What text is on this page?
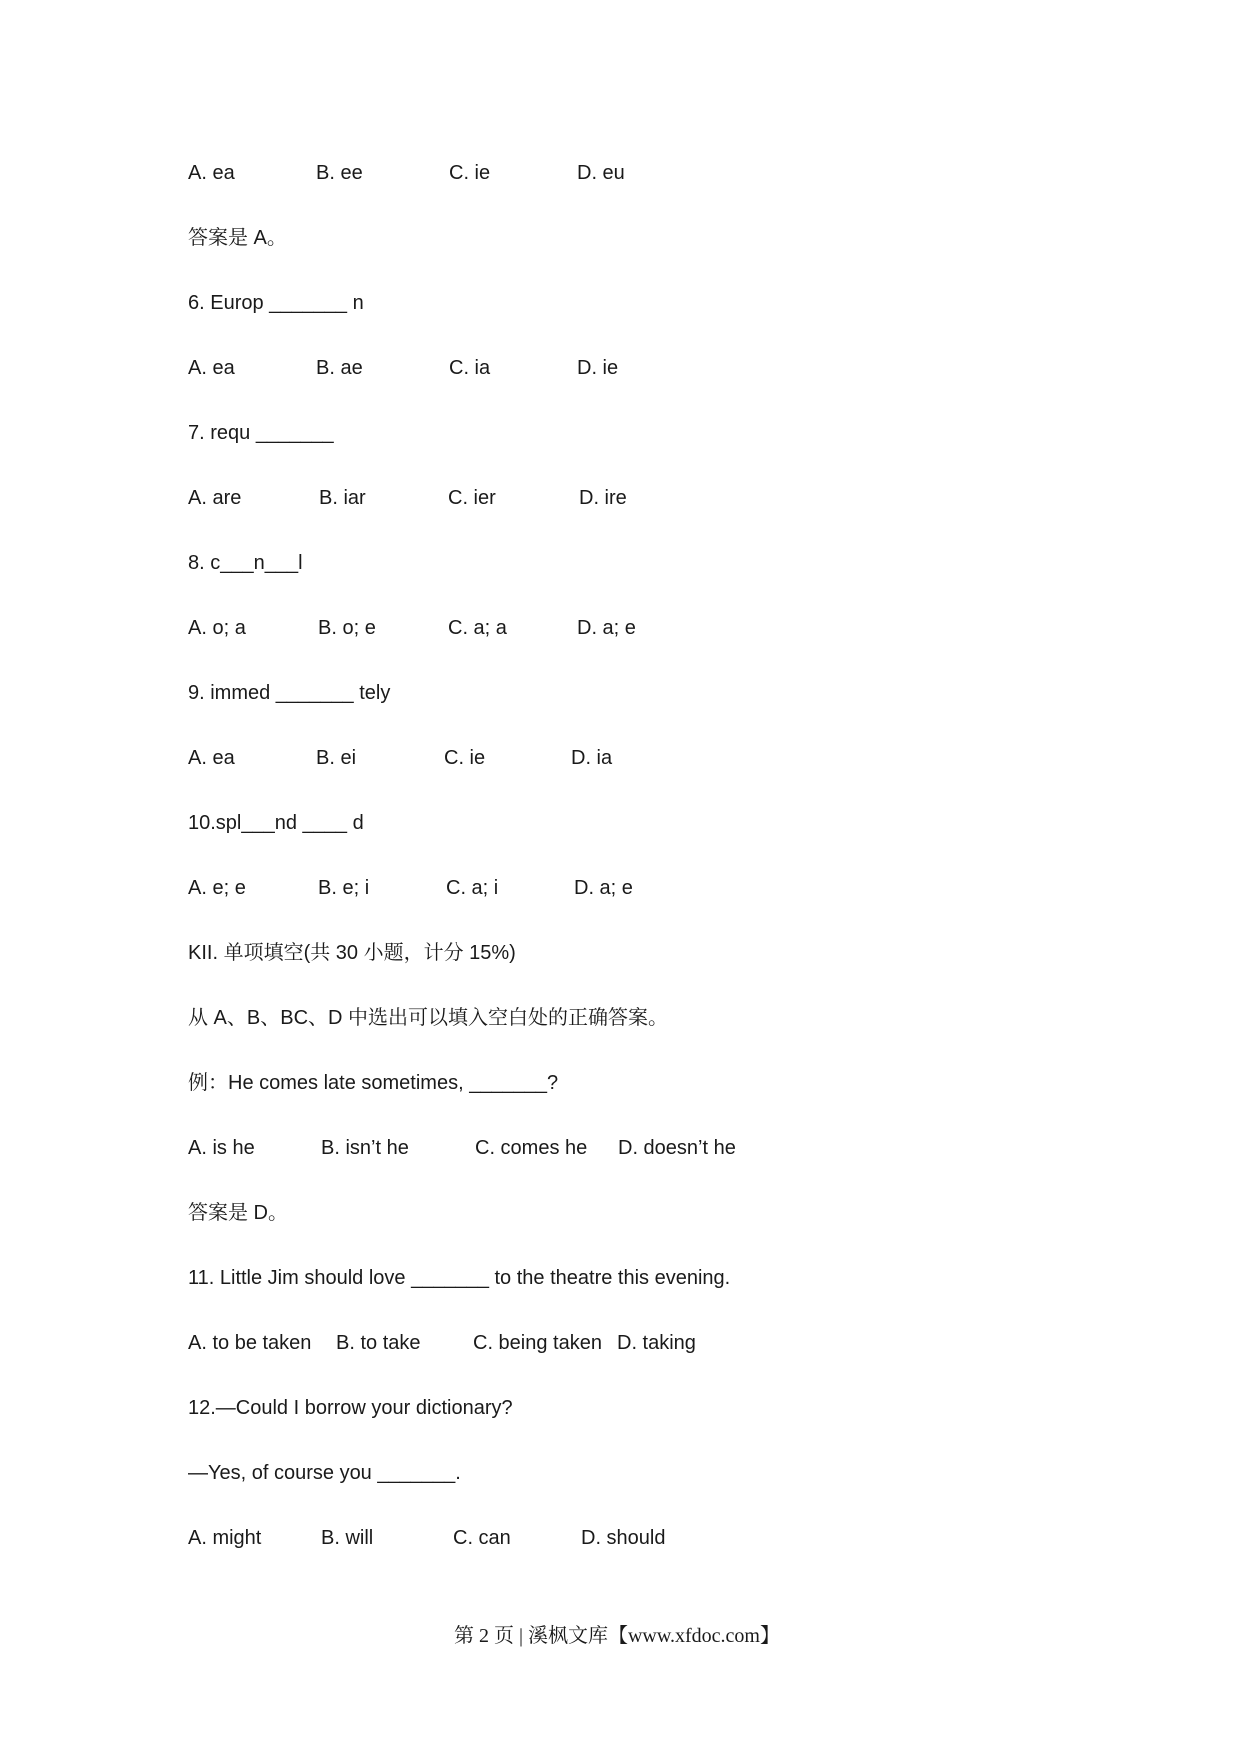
A. ea	B. ee	C. ie	D. eu
答案是 A。
6. Europ _______ n
A. ea	B. ae	C. ia	D. ie
7. requ _______
A. are	B. iar	C. ier	D. ire
8. c___n___l
A. o; a	B. o; e	C. a; a	D. a; e
9. immed _______ tely
A. ea	B. ei	C. ie	D. ia
10.spl___nd ____ d
A. e; e	B. e; i	C. a; i	D. a; e
KII. 单项填空(共 30 小题，计分 15%)
从 A、B、BC、D 中选出可以填入空白处的正确答案。
例：He comes late sometimes, _______?
A. is he	B. isn’t he	C. comes he D. doesn’t he
答案是 D。
11. Little Jim should love _______ to the theatre this evening.
A. to be taken B. to take	C. being taken D. taking
12.—Could I borrow your dictionary?
—Yes, of course you _______.
A. might	B. will	C. can	D. should
第 2 页 | 溪枫文库【www.xfdoc.com】
